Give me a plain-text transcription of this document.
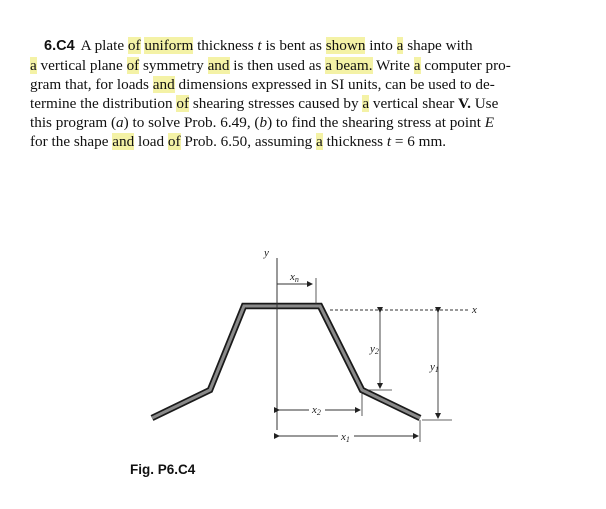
6.C4 A plate of uniform thickness t is bent as shown into a shape with
a vertical plane of symmetry and is then used as a beam. Write a computer pro-
gram that, for loads and dimensions expressed in SI units, can be used to de-
termine the distribution of shearing stresses caused by a vertical shear V. Use
this program (a) to solve Prob. 6.49, (b) to find the shearing stress at point E
for the shape and load of Prob. 6.50, assuming a thickness t = 6 mm.
y
x
xn
y2
y1
x2
x1
Fig. P6.C4
